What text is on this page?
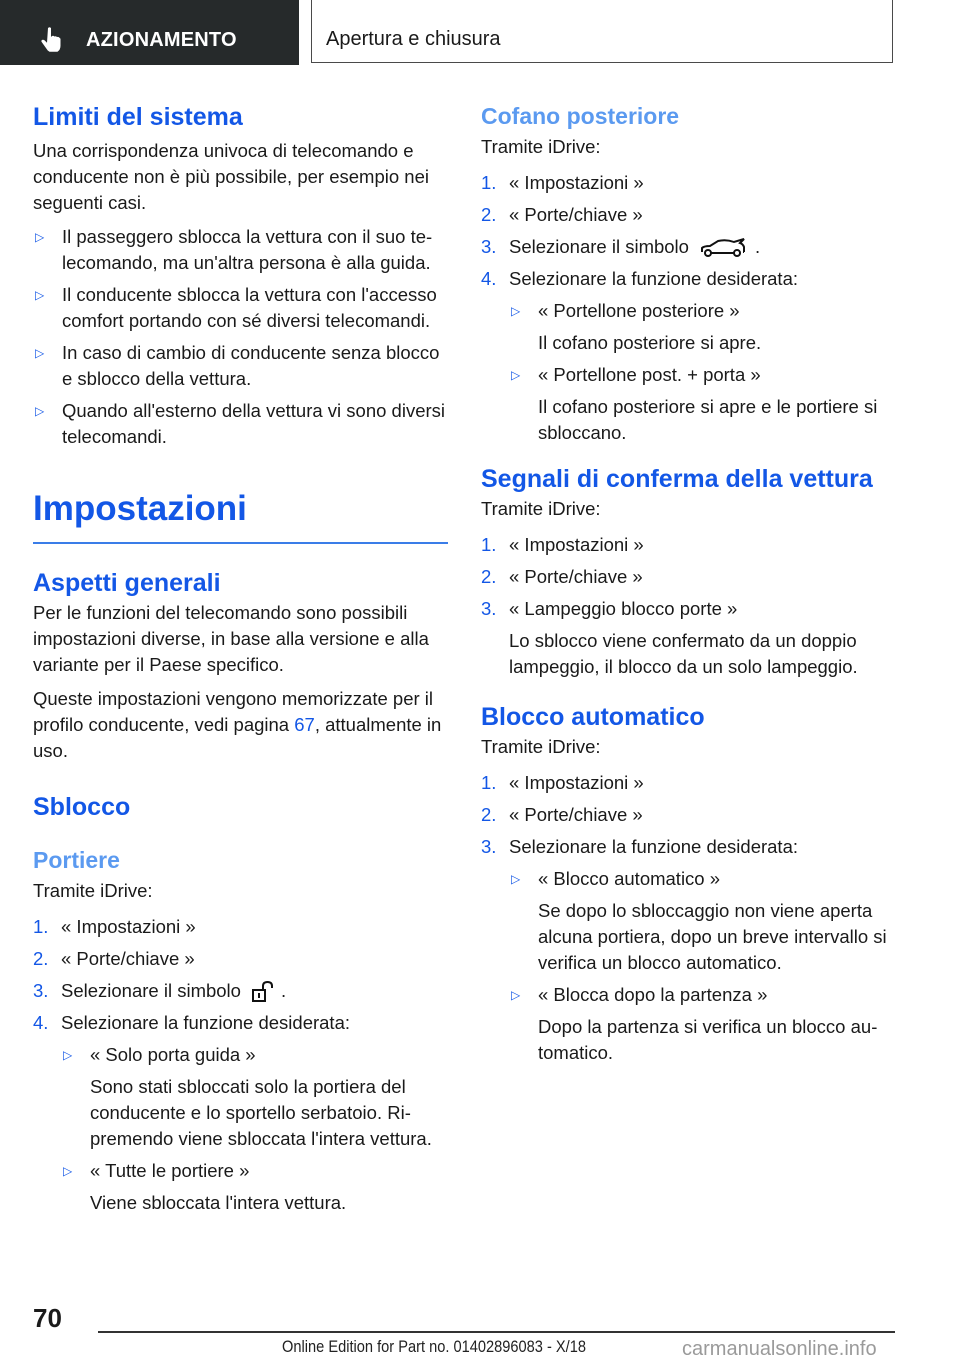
AZIONAMENTO	Apertura e chiusura
Limiti del sistema

Una corrispondenza univoca di telecomando e conducente non è più possibile, per esempio nei seguenti casi.

▷ Il passeggero sblocca la vettura con il suo telecomando, ma un'altra persona è alla guida.
▷ Il conducente sblocca la vettura con l'accesso comfort portando con sé diversi telecomandi.
▷ In caso di cambio di conducente senza blocco e sblocco della vettura.
▷ Quando all'esterno della vettura vi sono diversi telecomandi.
Impostazioni
Aspetti generali

Per le funzioni del telecomando sono possibili impostazioni diverse, in base alla versione e alla variante per il Paese specifico.

Queste impostazioni vengono memorizzate per il profilo conducente, vedi pagina 67, attualmente in uso.

Sblocco
Portiere

Tramite iDrive:

1. « Impostazioni »
2. « Porte/chiave »
3. Selezionare il simbolo .
4. Selezionare la funzione desiderata:
▷ « Solo porta guida »
Sono stati sbloccati solo la portiera del conducente e lo sportello serbatoio. Ripremendo viene sbloccata l'intera vettura.
▷ « Tutte le portiere »
Viene sbloccata l'intera vettura.
Cofano posteriore

Tramite iDrive:

1. « Impostazioni »
2. « Porte/chiave »
3. Selezionare il simbolo	.
4. Selezionare la funzione desiderata:
▷ « Portellone posteriore »
Il cofano posteriore si apre.
▷ « Portellone post. + porta »
Il cofano posteriore si apre e le portiere si sbloccano.
Segnali di conferma della vettura

Tramite iDrive:

1. « Impostazioni »
2. « Porte/chiave »
3. « Lampeggio blocco porte »
Lo sblocco viene confermato da un doppio lampeggio, il blocco da un solo lampeggio.
Blocco automatico

Tramite iDrive:

1. « Impostazioni »
2. « Porte/chiave »
3. Selezionare la funzione desiderata:
▷ « Blocco automatico »
Se dopo lo sbloccaggio non viene aperta alcuna portiera, dopo un breve intervallo si verifica un blocco automatico.
▷ « Blocca dopo la partenza »
Dopo la partenza si verifica un blocco automatico.
70
Online Edition for Part no. 01402896083 - X/18	carmanualsonline.info
